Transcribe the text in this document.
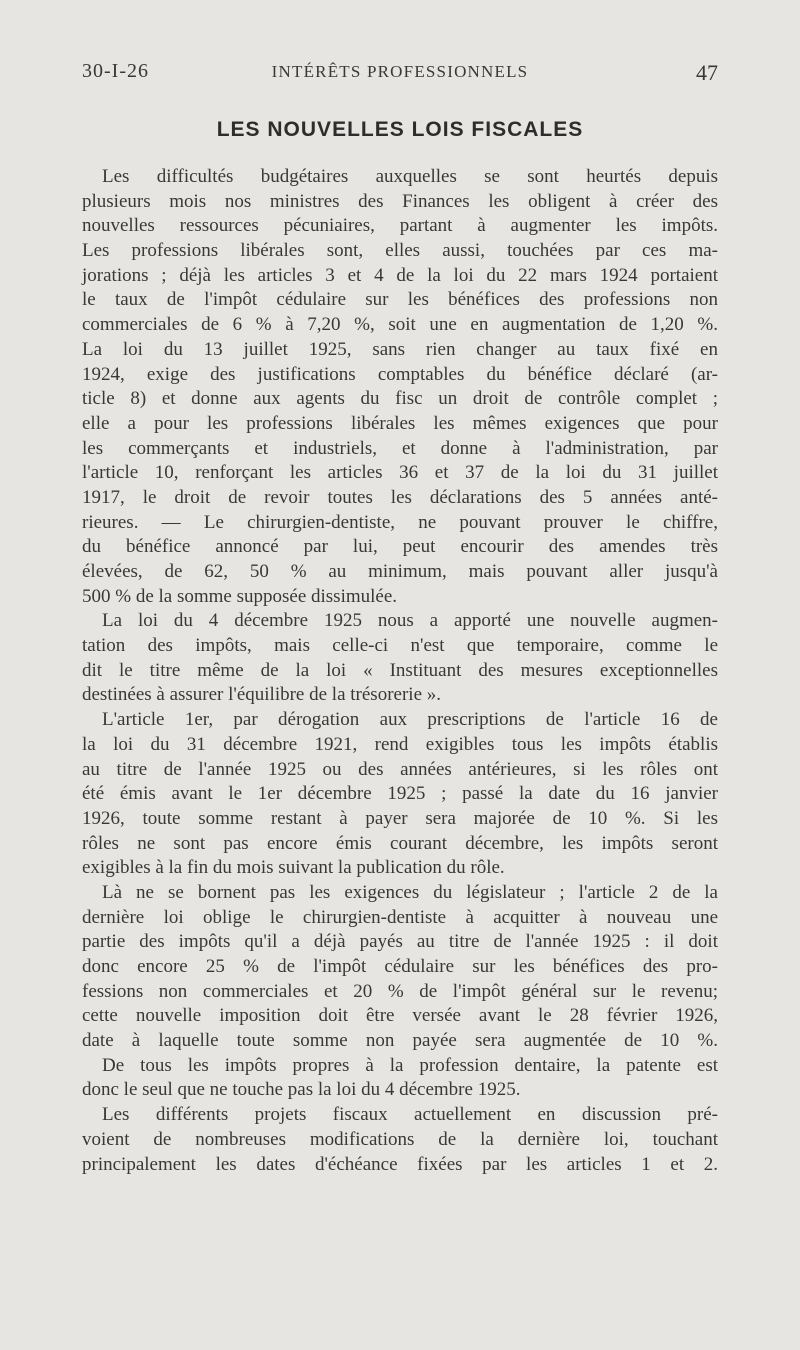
30-I-26	INTÉRÊTS PROFESSIONNELS	47
LES NOUVELLES LOIS FISCALES
Les difficultés budgétaires auxquelles se sont heurtés depuis
plusieurs mois nos ministres des Finances les obligent à créer des
nouvelles ressources pécuniaires, partant à augmenter les impôts.
Les professions libérales sont, elles aussi, touchées par ces ma-
jorations ; déjà les articles 3 et 4 de la loi du 22 mars 1924 portaient
le taux de l'impôt cédulaire sur les bénéfices des professions non
commerciales de 6 % à 7,20 %, soit une en augmentation de 1,20 %.
La loi du 13 juillet 1925, sans rien changer au taux fixé en
1924, exige des justifications comptables du bénéfice déclaré (ar-
ticle 8) et donne aux agents du fisc un droit de contrôle complet ;
elle a pour les professions libérales les mêmes exigences que pour
les commerçants et industriels, et donne à l'administration, par
l'article 10, renforçant les articles 36 et 37 de la loi du 31 juillet
1917, le droit de revoir toutes les déclarations des 5 années anté-
rieures. — Le chirurgien-dentiste, ne pouvant prouver le chiffre,
du bénéfice annoncé par lui, peut encourir des amendes très
élevées, de 62, 50 % au minimum, mais pouvant aller jusqu'à
500 % de la somme supposée dissimulée.
La loi du 4 décembre 1925 nous a apporté une nouvelle augmen-
tation des impôts, mais celle-ci n'est que temporaire, comme le
dit le titre même de la loi « Instituant des mesures exceptionnelles
destinées à assurer l'équilibre de la trésorerie ».
L'article 1er, par dérogation aux prescriptions de l'article 16 de
la loi du 31 décembre 1921, rend exigibles tous les impôts établis
au titre de l'année 1925 ou des années antérieures, si les rôles ont
été émis avant le 1er décembre 1925 ; passé la date du 16 janvier
1926, toute somme restant à payer sera majorée de 10 %. Si les
rôles ne sont pas encore émis courant décembre, les impôts seront
exigibles à la fin du mois suivant la publication du rôle.
Là ne se bornent pas les exigences du législateur ; l'article 2 de la
dernière loi oblige le chirurgien-dentiste à acquitter à nouveau une
partie des impôts qu'il a déjà payés au titre de l'année 1925 : il doit
donc encore 25 % de l'impôt cédulaire sur les bénéfices des pro-
fessions non commerciales et 20 % de l'impôt général sur le revenu;
cette nouvelle imposition doit être versée avant le 28 février 1926,
date à laquelle toute somme non payée sera augmentée de 10 %.
De tous les impôts propres à la profession dentaire, la patente est
donc le seul que ne touche pas la loi du 4 décembre 1925.
Les différents projets fiscaux actuellement en discussion pré-
voient de nombreuses modifications de la dernière loi, touchant
principalement les dates d'échéance fixées par les articles 1 et 2.
